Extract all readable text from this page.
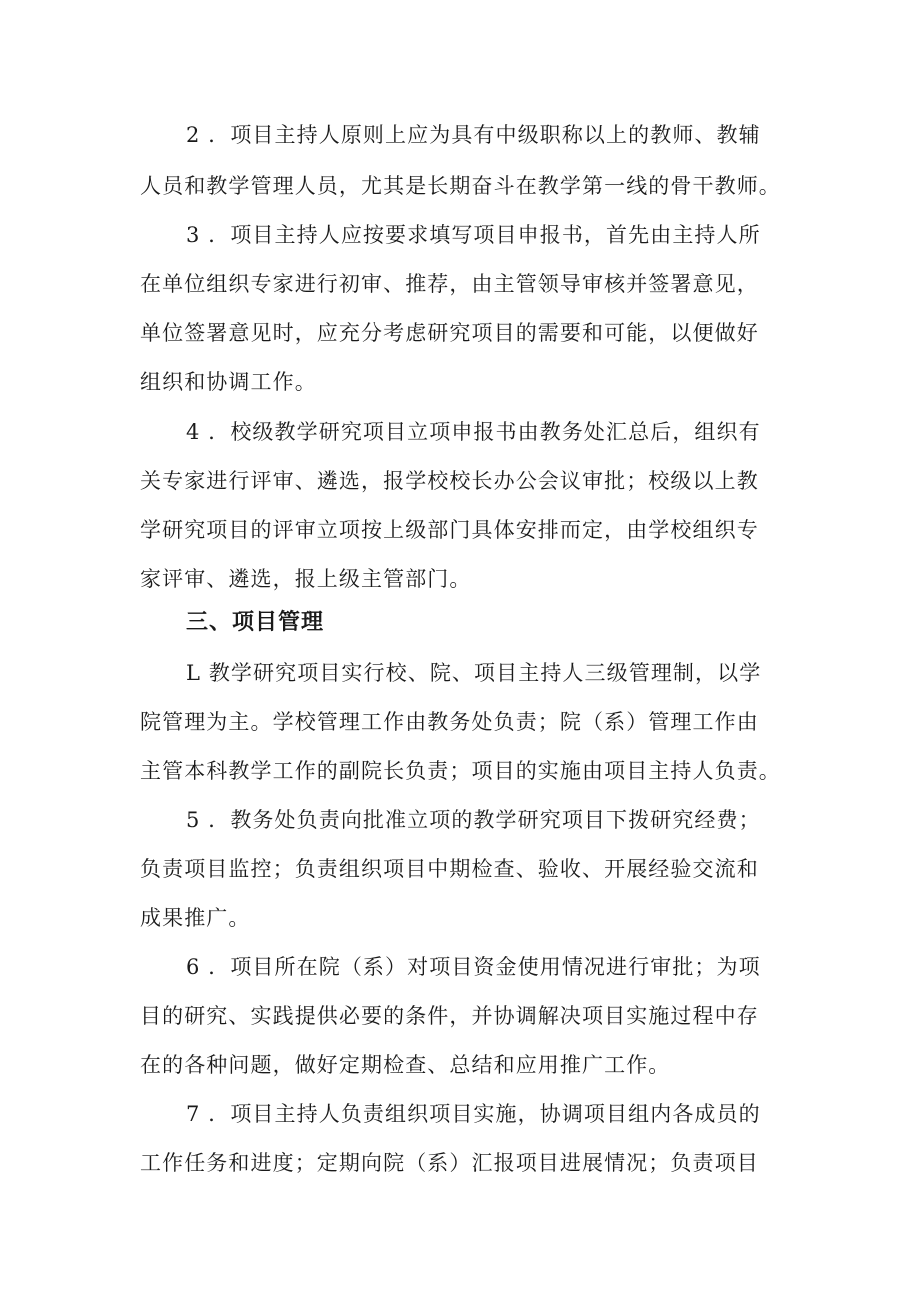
2 ．项目主持人原则上应为具有中级职称以上的教师、教辅
人员和教学管理人员，尤其是长期奋斗在教学第一线的骨干教师。
3 ．项目主持人应按要求填写项目申报书，首先由主持人所
在单位组织专家进行初审、推荐，由主管领导审核并签署意见，
单位签署意见时，应充分考虑研究项目的需要和可能，以便做好
组织和协调工作。
4 ．校级教学研究项目立项申报书由教务处汇总后，组织有
关专家进行评审、遴选，报学校校长办公会议审批；校级以上教
学研究项目的评审立项按上级部门具体安排而定，由学校组织专
家评审、遴选，报上级主管部门。
三、项目管理
L 教学研究项目实行校、院、项目主持人三级管理制，以学
院管理为主。学校管理工作由教务处负责；院（系）管理工作由
主管本科教学工作的副院长负责；项目的实施由项目主持人负责。
5 ．教务处负责向批准立项的教学研究项目下拨研究经费；
负责项目监控；负责组织项目中期检查、验收、开展经验交流和
成果推广。
6 ．项目所在院（系）对项目资金使用情况进行审批；为项
目的研究、实践提供必要的条件，并协调解决项目实施过程中存
在的各种问题，做好定期检查、总结和应用推广工作。
7 ．项目主持人负责组织项目实施，协调项目组内各成员的
工作任务和进度；定期向院（系）汇报项目进展情况；负责项目
